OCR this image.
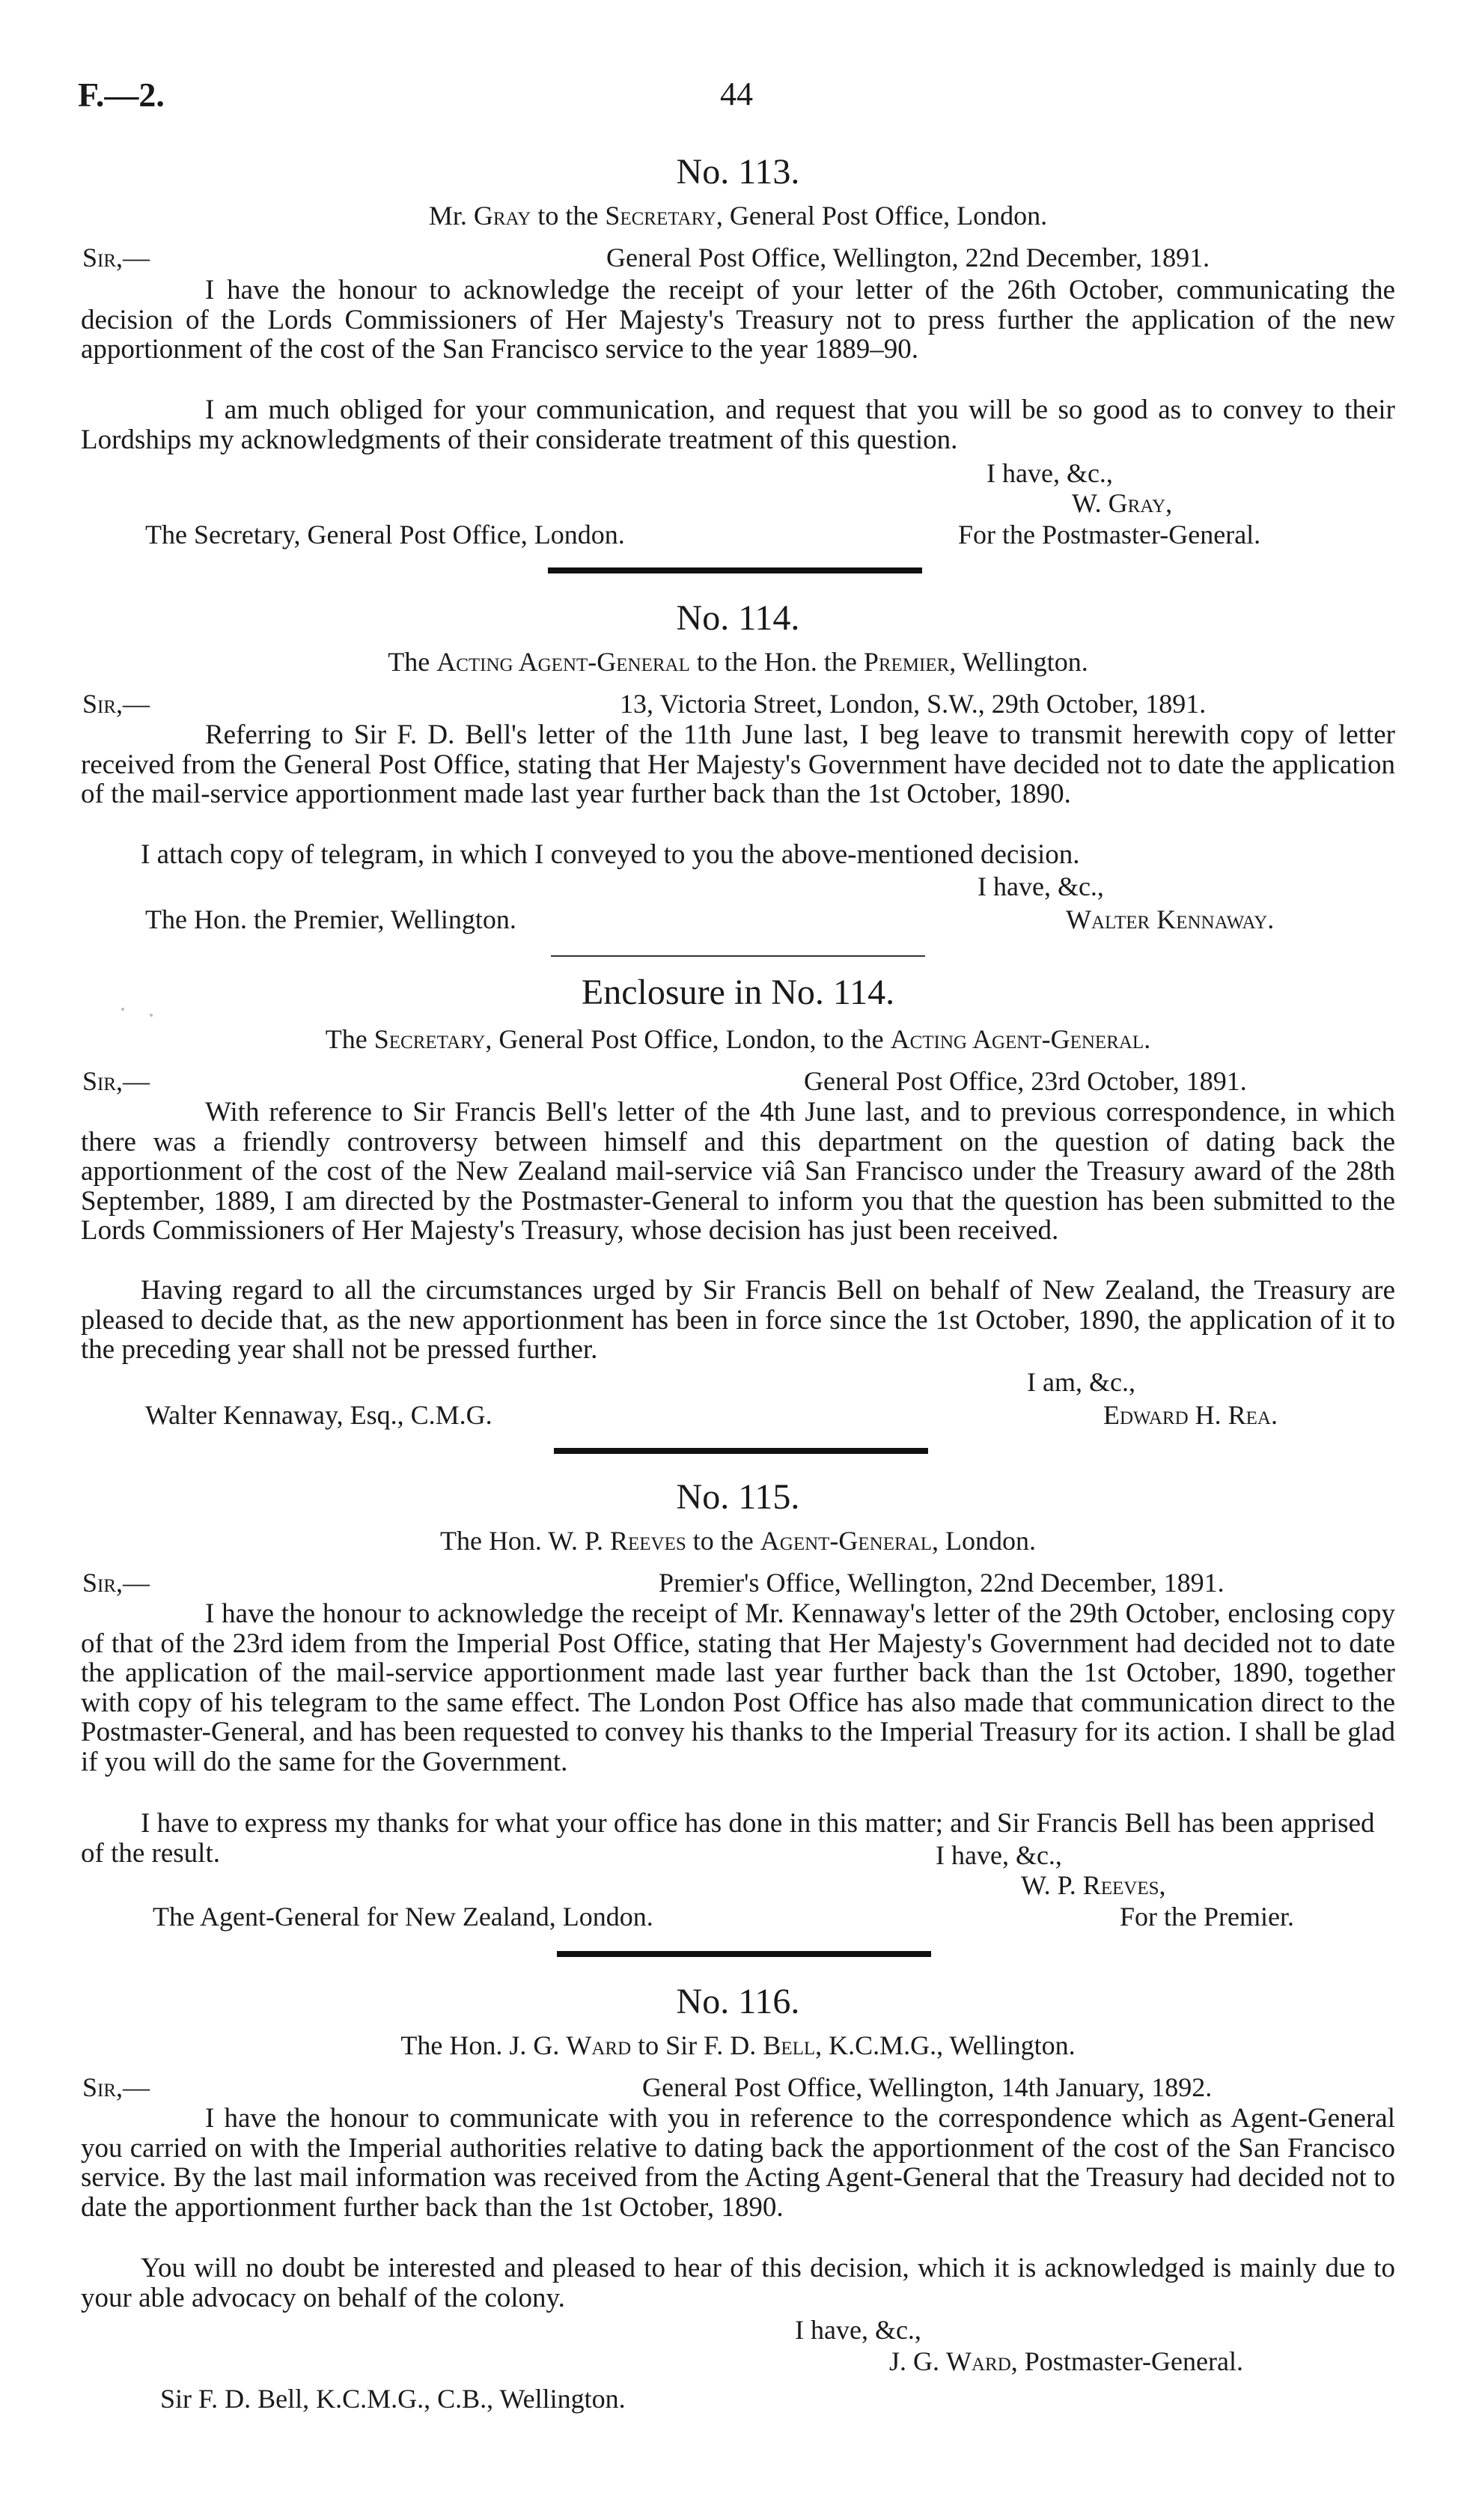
F.—2.	44
No. 113.
Mr. Gray to the Secretary, General Post Office, London.
Sir,—	General Post Office, Wellington, 22nd December, 1891.

I have the honour to acknowledge the receipt of your letter of the 26th October, communicating the decision of the Lords Commissioners of Her Majesty's Treasury not to press further the application of the new apportionment of the cost of the San Francisco service to the year 1889–90.

I am much obliged for your communication, and request that you will be so good as to convey to their Lordships my acknowledgments of their considerate treatment of this question.

I have, &c.,
W. Gray,
The Secretary, General Post Office, London.	For the Postmaster-General.
No. 114.
The Acting Agent-General to the Hon. the Premier, Wellington.
Sir,—	13, Victoria Street, London, S.W., 29th October, 1891.

Referring to Sir F. D. Bell's letter of the 11th June last, I beg leave to transmit herewith copy of letter received from the General Post Office, stating that Her Majesty's Government have decided not to date the application of the mail-service apportionment made last year further back than the 1st October, 1890.

I attach copy of telegram, in which I conveyed to you the above-mentioned decision.

I have, &c.,
The Hon. the Premier, Wellington.	Walter Kennaway.
Enclosure in No. 114.
The Secretary, General Post Office, London, to the Acting Agent-General.
Sir,—	General Post Office, 23rd October, 1891.

With reference to Sir Francis Bell's letter of the 4th June last, and to previous correspondence, in which there was a friendly controversy between himself and this department on the question of dating back the apportionment of the cost of the New Zealand mail-service viâ San Francisco under the Treasury award of the 28th September, 1889, I am directed by the Postmaster-General to inform you that the question has been submitted to the Lords Commissioners of Her Majesty's Treasury, whose decision has just been received.

Having regard to all the circumstances urged by Sir Francis Bell on behalf of New Zealand, the Treasury are pleased to decide that, as the new apportionment has been in force since the 1st October, 1890, the application of it to the preceding year shall not be pressed further.

I am, &c.,
Walter Kennaway, Esq., C.M.G.	Edward H. Rea.
No. 115.
The Hon. W. P. Reeves to the Agent-General, London.
Sir,—	Premier's Office, Wellington, 22nd December, 1891.

I have the honour to acknowledge the receipt of Mr. Kennaway's letter of the 29th October, enclosing copy of that of the 23rd idem from the Imperial Post Office, stating that Her Majesty's Government had decided not to date the application of the mail-service apportionment made last year further back than the 1st October, 1890, together with copy of his telegram to the same effect. The London Post Office has also made that communication direct to the Postmaster-General, and has been requested to convey his thanks to the Imperial Treasury for its action. I shall be glad if you will do the same for the Government.

I have to express my thanks for what your office has done in this matter; and Sir Francis Bell has been apprised of the result.	I have, &c.,
W. P. Reeves,
The Agent-General for New Zealand, London.	For the Premier.
No. 116.
The Hon. J. G. Ward to Sir F. D. Bell, K.C.M.G., Wellington.
Sir,—	General Post Office, Wellington, 14th January, 1892.

I have the honour to communicate with you in reference to the correspondence which as Agent-General you carried on with the Imperial authorities relative to dating back the apportionment of the cost of the San Francisco service. By the last mail information was received from the Acting Agent-General that the Treasury had decided not to date the apportionment further back than the 1st October, 1890.

You will no doubt be interested and pleased to hear of this decision, which it is acknowledged is mainly due to your able advocacy on behalf of the colony.

I have, &c.,
J. G. Ward, Postmaster-General.
Sir F. D. Bell, K.C.M.G., C.B., Wellington.
